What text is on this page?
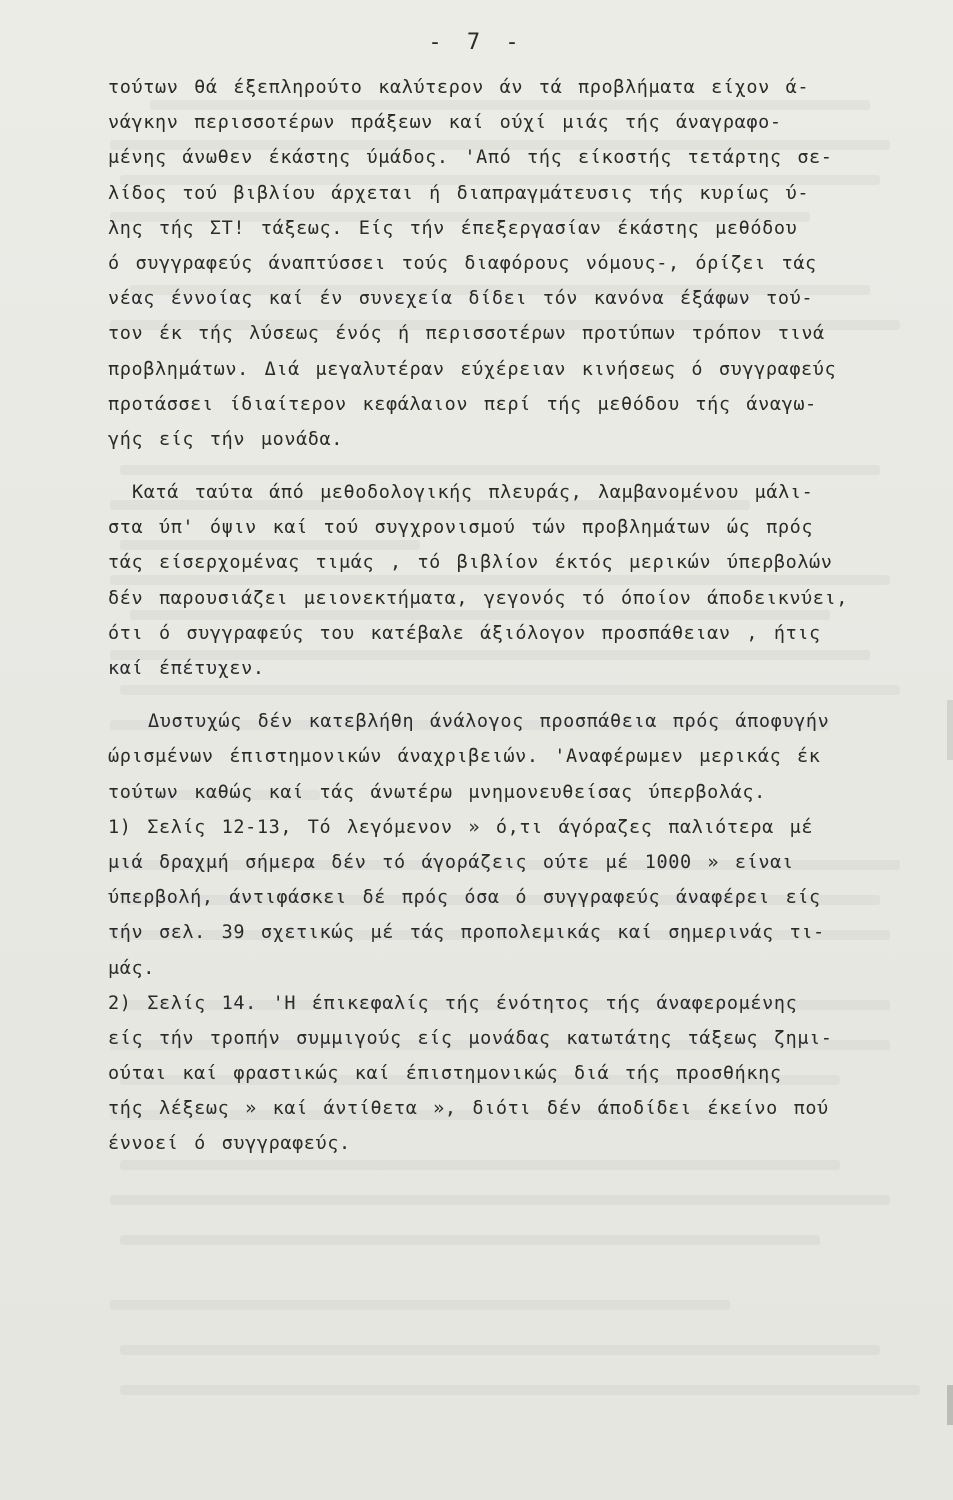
- 7 -
τούτων θά έξεπληρούτο καλύτερον άν τά προβλήματα είχον ά-
νάγκην περισσοτέρων πράξεων καί ούχί μιάς τής άναγραφο-
μένης άνωθεν έκάστης ύμάδος. 'Από τής είκοστής τετάρτης σε-
λίδος τού βιβλίου άρχεται ή διαπραγμάτευσις τής κυρίως ύ-
λης τής ΣΤ! τάξεως. Είς τήν έπεξεργασίαν έκάστης μεθόδου
ό συγγραφεύς άναπτύσσει τούς διαφόρους νόμους-, όρίζει τάς
νέας έννοίας καί έν συνεχεία δίδει τόν κανόνα έξάφων τού-
τον έκ τής λύσεως ένός ή περισσοτέρων προτύπων τρόπον τινά
προβλημάτων. Διά μεγαλυτέραν εύχέρειαν κινήσεως ό συγγραφεύς
προτάσσει ίδιαίτερον κεφάλαιον περί τής μεθόδου τής άναγω-
γής είς τήν μονάδα.
Κατά ταύτα άπό μεθοδολογικής πλευράς, λαμβανομένου μάλι-
στα ύπ' όψιν καί τού συγχρονισμού τών προβλημάτων ώς πρός
τάς είσερχομένας τιμάς , τό βιβλίον έκτός μερικών ύπερβολών
δέν παρουσιάζει μειονεκτήματα, γεγονός τό όποίον άποδεικνύει,
ότι ό συγγραφεύς του κατέβαλε άξιόλογον προσπάθειαν , ήτις
καί έπέτυχεν.
Δυστυχώς δέν κατεβλήθη άνάλογος προσπάθεια πρός άποφυγήν
ώρισμένων έπιστημονικών άναχριβειών. 'Αναφέρωμεν μερικάς έκ
τούτων καθώς καί τάς άνωτέρω μνημονευθείσας ύπερβολάς.
1) Σελίς 12-13, Τό λεγόμενον » ό,τι άγόραζες παλιότερα μέ
μιά δραχμή σήμερα δέν τό άγοράζεις ούτε μέ 1000 » είναι
ύπερβολή, άντιφάσκει δέ πρός όσα ό συγγραφεύς άναφέρει είς
τήν σελ. 39 σχετικώς μέ τάς προπολεμικάς καί σημερινάς τι-
μάς.
2) Σελίς 14. 'Η έπικεφαλίς τής ένότητος τής άναφερομένης
είς τήν τροπήν συμμιγούς είς μονάδας κατωτάτης τάξεως ζημι-
ούται καί φραστικώς καί έπιστημονικώς διά τής προσθήκης
τής λέξεως » καί άντίθετα », διότι δέν άποδίδει έκείνο πού
έννοεί ό συγγραφεύς.
